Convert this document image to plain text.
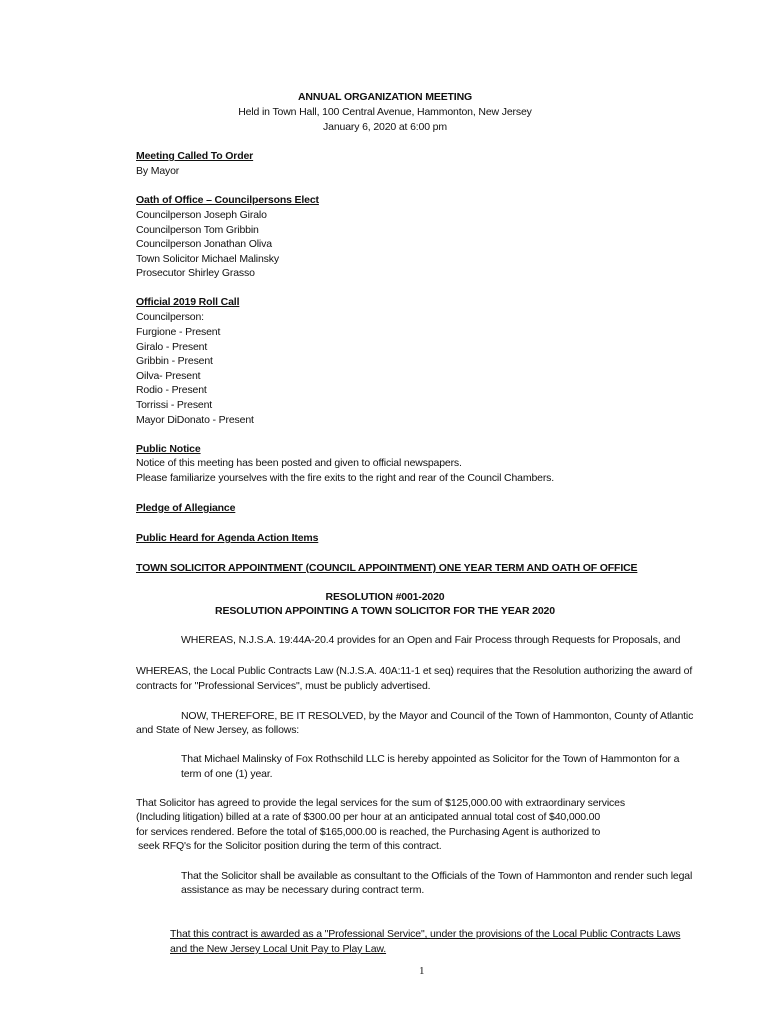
ANNUAL ORGANIZATION MEETING
Held in Town Hall, 100 Central Avenue, Hammonton, New Jersey
January 6, 2020 at 6:00 pm
Meeting Called To Order
By Mayor
Oath of Office – Councilpersons Elect
Councilperson Joseph Giralo
Councilperson Tom Gribbin
Councilperson Jonathan Oliva
Town Solicitor Michael Malinsky
Prosecutor Shirley Grasso
Official 2019 Roll Call
Councilperson:
Furgione - Present
Giralo - Present
Gribbin - Present
Oilva- Present
Rodio - Present
Torrissi - Present
Mayor DiDonato - Present
Public Notice
Notice of this meeting has been posted and given to official newspapers.
Please familiarize yourselves with the fire exits to the right and rear of the Council Chambers.
Pledge of Allegiance
Public Heard for Agenda Action Items
TOWN SOLICITOR APPOINTMENT (COUNCIL APPOINTMENT) ONE YEAR TERM AND OATH OF OFFICE
RESOLUTION #001-2020
RESOLUTION APPOINTING A TOWN SOLICITOR FOR THE YEAR 2020
WHEREAS, N.J.S.A. 19:44A-20.4 provides for an Open and Fair Process through Requests for Proposals, and
WHEREAS, the Local Public Contracts Law (N.J.S.A. 40A:11-1 et seq) requires that the Resolution authorizing the award of
contracts for "Professional Services", must be publicly advertised.
NOW, THEREFORE, BE IT RESOLVED, by the Mayor and Council of the Town of Hammonton, County of Atlantic
and State of New Jersey, as follows:
That Michael Malinsky of Fox Rothschild LLC is hereby appointed as Solicitor for the Town of Hammonton for a
term of one (1) year.
That Solicitor has agreed to provide the legal services for the sum of $125,000.00 with extraordinary services
(Including litigation) billed at a rate of $300.00 per hour at an anticipated annual total cost of $40,000.00
for services rendered. Before the total of $165,000.00 is reached, the Purchasing Agent is authorized to
seek RFQ's for the Solicitor position during the term of this contract.
That the Solicitor shall be available as consultant to the Officials of the Town of Hammonton and render such legal
assistance as may be necessary during contract term.
That this contract is awarded as a "Professional Service", under the provisions of the Local Public Contracts Laws
and the New Jersey Local Unit Pay to Play Law.
1
